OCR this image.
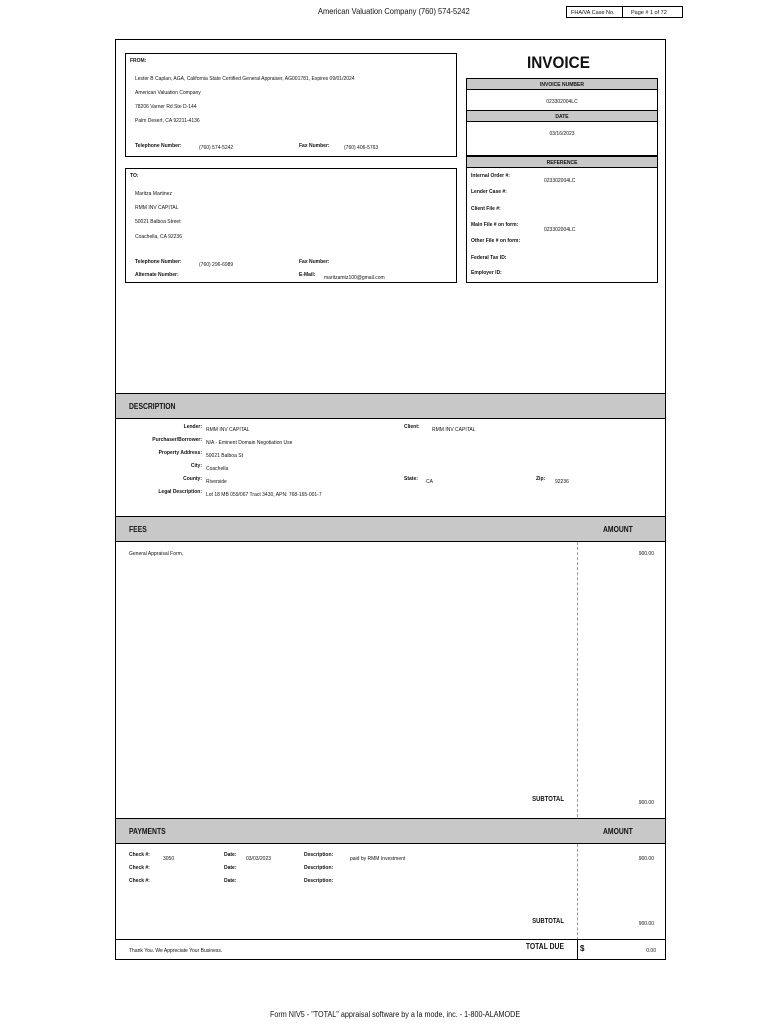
American Valuation Company (760) 574-5242	FHA/VA Case No.	Page # 1 of 72
FROM:
Lester B Caplan, AGA, California State Certified General Appraiser, AG001781, Expires 09/01/2024
American Valuation Company
78206 Varner Rd Ste D-144
Palm Desert, CA 92211-4136
Telephone Number:	(760) 574-5242	Fax Number:	(760) 406-5763
TO:
Maritza Martinez
RMM INV CAPITAL
50021 Balboa Street
Coachella, CA 92236
Telephone Number:	(760) 296-6989	Fax Number:
Alternate Number:	E-Mail: maritzamtz100@gmail.com
INVOICE
INVOICE NUMBER
023302004LC
DATE
03/16/2023
REFERENCE
Internal Order #:
023302004LC
Lender Case #:
Client File #:
Main File # on form:
023302004LC
Other File # on form:
Federal Tax ID:
Employer ID:
DESCRIPTION
Lender: RMM INV CAPITAL	Client: RMM INV CAPITAL
Purchaser/Borrower: N/A - Eminent Domain Negotiation Use
Property Address: 50021 Balboa St
City: Coachella
County: Riverside	State: CA	Zip: 92236
Legal Description: Lot 18 MB 059/067 Tract 3430, APN: 768-165-001-7
FEES	AMOUNT
General Appraisal Form,	900.00
SUBTOTAL	900.00
PAYMENTS	AMOUNT
Check #:
3050
Date:
03/03/2023
Description:
paid by RMM Investment	900.00
Check #:	Date:	Description:
Check #:	Date:	Description:
SUBTOTAL	900.00
Thank You. We Appreciate Your Business.	TOTAL DUE $	0.00
Form NIV5 - "TOTAL" appraisal software by a la mode, inc. - 1-800-ALAMODE
